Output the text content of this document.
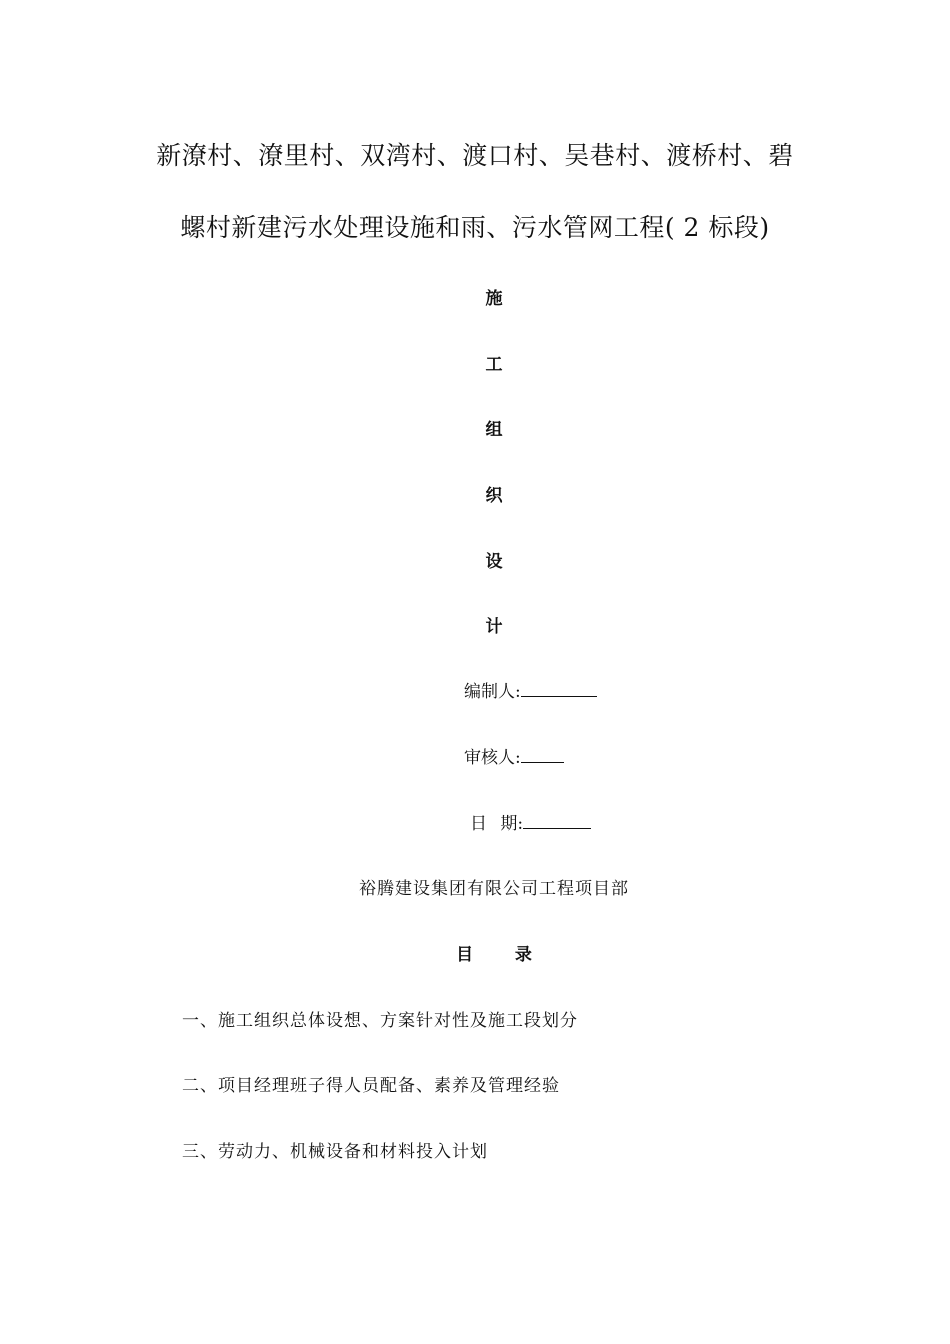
新潦村、潦里村、双湾村、渡口村、吴巷村、渡桥村、碧
螺村新建污水处理设施和雨、污水管网工程( 2 标段)
施
工
组
织
设
计
编制人:
审核人:
日 期:
裕腾建设集团有限公司工程项目部
目 录
一、施工组织总体设想、方案针对性及施工段划分
二、项目经理班子得人员配备、素养及管理经验
三、劳动力、机械设备和材料投入计划
